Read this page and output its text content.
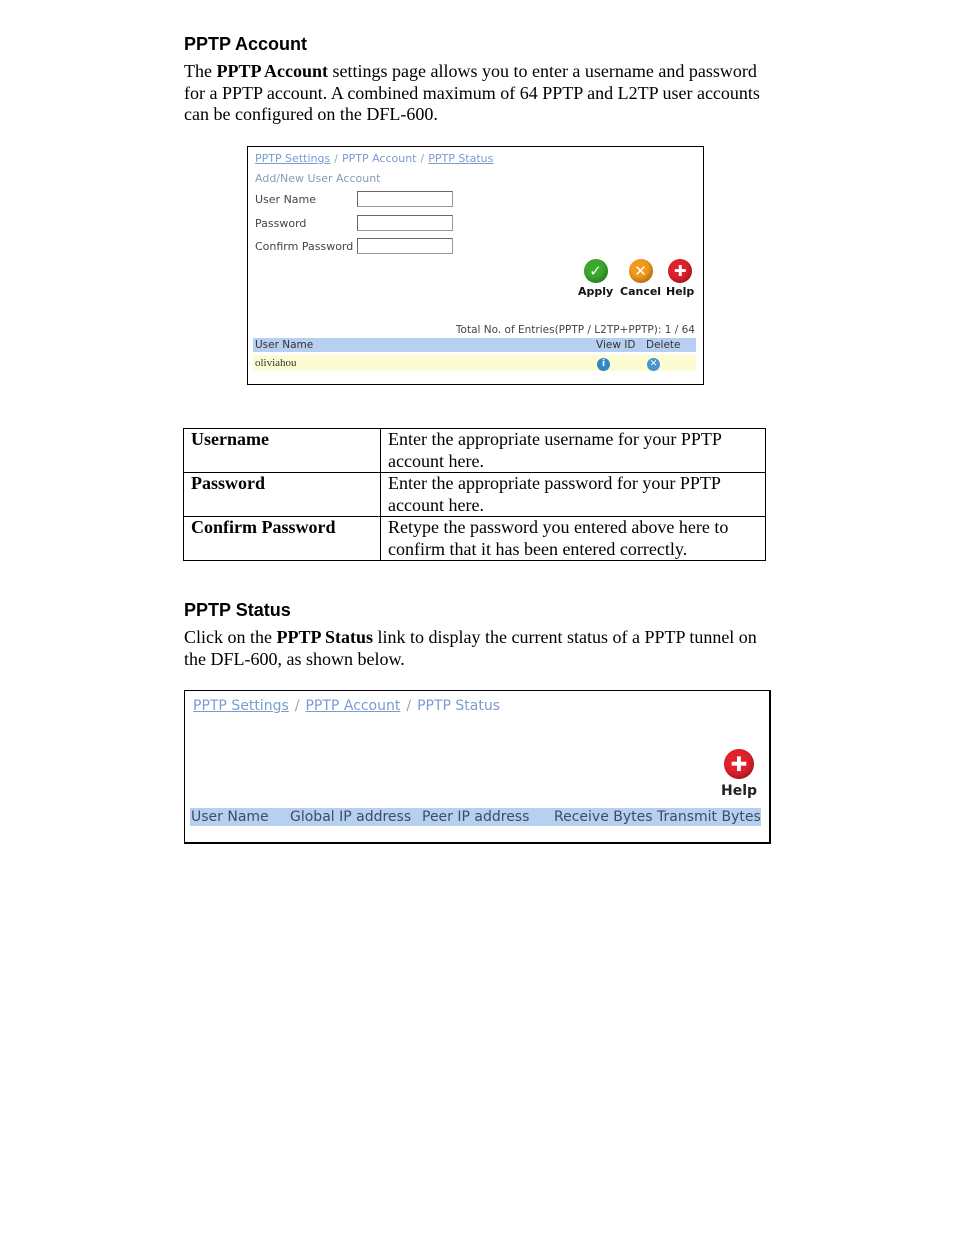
PPTP Account

The PPTP Account settings page allows you to enter a username and password for a PPTP account. A combined maximum of 64 PPTP and L2TP user accounts can be configured on the DFL-600.

PPTP Settings / PPTP Account / PPTP Status
Add/New User Account
User Name
Password
Confirm Password
✓
Apply
✕
Cancel
✚
Help
Total No. of Entries(PPTP / L2TP+PPTP): 1 / 64
User Name	View ID Delete
oliviahou	i	✕
Username	Enter the appropriate username for your PPTP account here.
Password	Enter the appropriate password for your PPTP account here.
Confirm Password	Retype the password you entered above here to confirm that it has been entered correctly.
PPTP Status

Click on the PPTP Status link to display the current status of a PPTP tunnel on the DFL-600, as shown below.

PPTP Settings / PPTP Account / PPTP Status
✚
Help
User Name Global IP address Peer IP address Receive Bytes Transmit Bytes
